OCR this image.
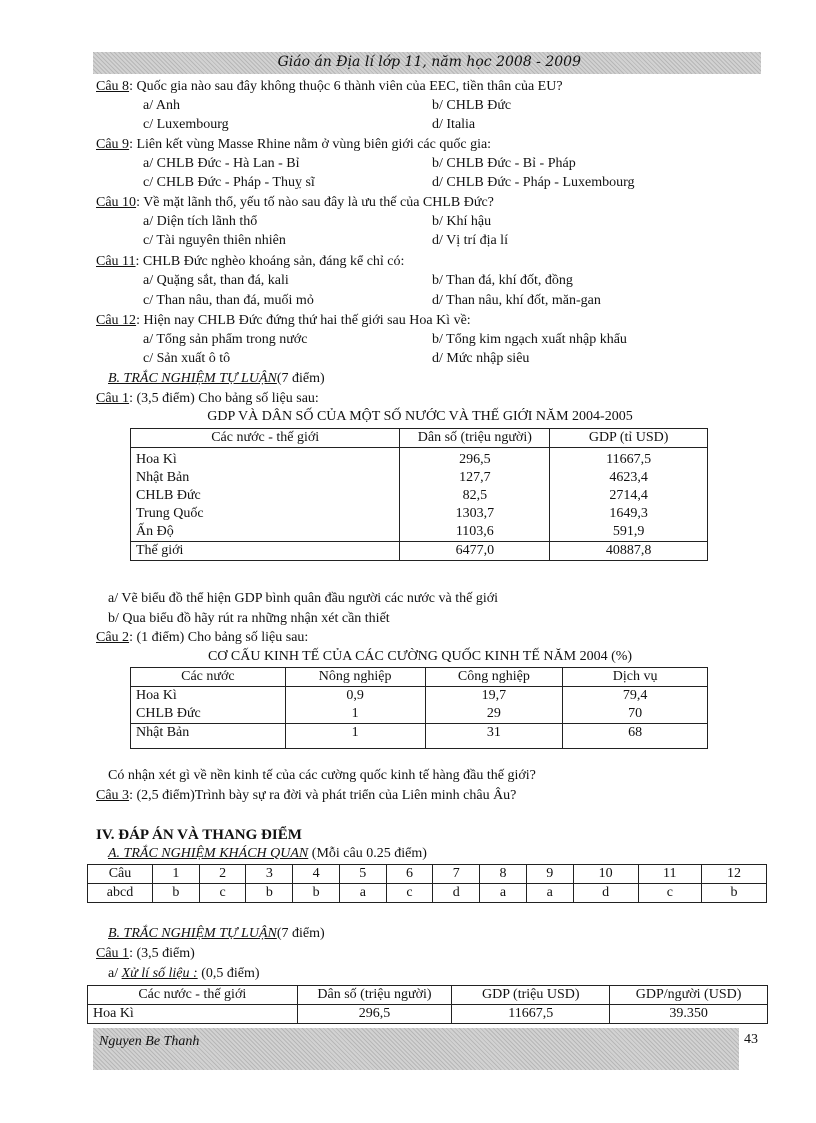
Giáo án Địa lí lớp 11, năm học 2008 - 2009
Câu 8: Quốc gia nào sau đây không thuộc 6 thành viên của EEC, tiền thân của EU?
a/ Anh	b/ CHLB Đức
c/ Luxembourg	d/ Italia
Câu 9: Liên kết vùng Masse Rhine nằm ở vùng biên giới các quốc gia:
a/ CHLB Đức - Hà Lan - Bỉ	b/ CHLB Đức - Bỉ - Pháp
c/ CHLB Đức - Pháp - Thuỵ sĩ	d/ CHLB Đức - Pháp - Luxembourg
Câu 10: Về mặt lãnh thổ, yếu tố nào sau đây là ưu thế của CHLB Đức?
a/ Diện tích lãnh thổ	b/ Khí hậu
c/ Tài nguyên thiên nhiên	d/ Vị trí địa lí
Câu 11: CHLB Đức nghèo khoáng sản, đáng kể chỉ có:
a/ Quặng sắt, than đá, kali	b/ Than đá, khí đốt, đồng
c/ Than nâu, than đá, muối mỏ	d/ Than nâu, khí đốt, măn-gan
Câu 12: Hiện nay CHLB Đức đứng thứ hai thế giới sau Hoa Kì về:
a/ Tổng sản phẩm trong nước	b/ Tổng kim ngạch xuất nhập khẩu
c/ Sản xuất ô tô	d/ Mức nhập siêu
B. TRẮC NGHIỆM TỰ LUẬN(7 điểm)
Câu 1: (3,5 điểm) Cho bảng số liệu sau:
GDP VÀ DÂN SỐ CỦA MỘT SỐ NƯỚC VÀ THẾ GIỚI NĂM 2004-2005
Các nước - thế giới	Dân số (triệu người)	GDP (tỉ USD)
Hoa Kì	296,5	11667,5
Nhật Bản	127,7	4623,4
CHLB Đức	82,5	2714,4
Trung Quốc	1303,7	1649,3
Ấn Độ	1103,6	591,9
Thế giới	6477,0	40887,8
a/ Vẽ biểu đồ thể hiện GDP bình quân đầu người các nước và thế giới
b/ Qua biểu đồ hãy rút ra những nhận xét cần thiết
Câu 2: (1 điểm) Cho bảng số liệu sau:
CƠ CẤU KINH TẾ CỦA CÁC CƯỜNG QUỐC KINH TẾ NĂM 2004 (%)
Các nước	Nông nghiệp	Công nghiệp	Dịch vụ
Hoa Kì	0,9	19,7	79,4
CHLB Đức	1	29	70
Nhật Bản	1	31	68
Có nhận xét gì về nền kinh tế của các cường quốc kinh tế hàng đầu thế giới?
Câu 3: (2,5 điểm)Trình bày sự ra đời và phát triển của Liên minh châu Âu?
IV. ĐÁP ÁN VÀ THANG ĐIỂM
A. TRẮC NGHIỆM KHÁCH QUAN (Mỗi câu 0.25 điểm)
Câu	1	2	3	4	5	6	7	8	9	10	11	12
abcd	b	c	b	b	a	c	d	a	a	d	c	b
B. TRẮC NGHIỆM TỰ LUẬN(7 điểm)
Câu 1: (3,5 điểm)
a/ Xử lí số liệu : (0,5 điểm)
Các nước - thế giới	Dân số (triệu người)	GDP (triệu USD)	GDP/người (USD)
Hoa Kì	296,5	11667,5	39.350
Nguyen Be Thanh	43
